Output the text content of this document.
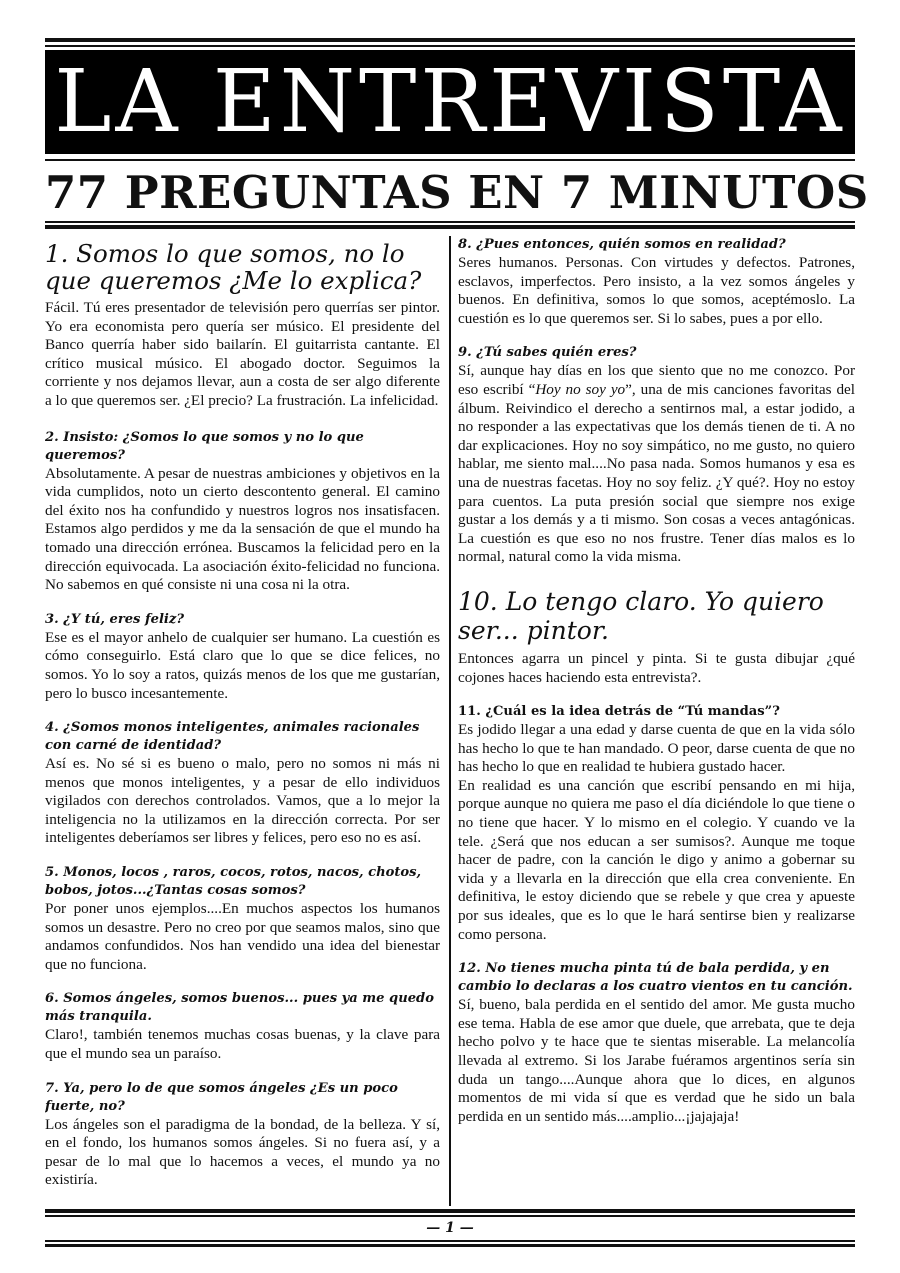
LA ENTREVISTA
77 PREGUNTAS EN 7 MINUTOS
1. Somos lo que somos, no lo que queremos ¿Me lo explica?

Fácil. Tú eres presentador de televisión pero querrías ser pintor. Yo era economista pero quería ser músico. El presidente del Banco querría haber sido bailarín. El guitarrista cantante. El crítico musical músico. El abogado doctor. Seguimos la corriente y nos dejamos llevar, aun a costa de ser algo diferente a lo que queremos ser. ¿El precio? La frustración. La infelicidad.

2. Insisto: ¿Somos lo que somos y no lo que queremos?

Absolutamente. A pesar de nuestras ambiciones y objetivos en la vida cumplidos, noto un cierto descontento general. El camino del éxito nos ha confundido y nuestros logros nos insatisfacen. Estamos algo perdidos y me da la sensación de que el mundo ha tomado una dirección errónea. Buscamos la felicidad pero en la dirección equivocada. La asociación éxito-felicidad no funciona. No sabemos en qué consiste ni una cosa ni la otra.

3. ¿Y tú, eres feliz?

Ese es el mayor anhelo de cualquier ser humano. La cuestión es cómo conseguirlo. Está claro que lo que se dice felices, no somos. Yo lo soy a ratos, quizás menos de los que me gustarían, pero lo busco incesantemente.

4. ¿Somos monos inteligentes, animales racionales con carné de identidad?

Así es. No sé si es bueno o malo, pero no somos ni más ni menos que monos inteligentes, y a pesar de ello individuos vigilados con derechos controlados. Vamos, que a lo mejor la inteligencia no la utilizamos en la dirección correcta. Por ser inteligentes deberíamos ser libres y felices, pero eso no es así.

5. Monos, locos , raros, cocos, rotos, nacos, chotos, bobos, jotos...¿Tantas cosas somos?

Por poner unos ejemplos....En muchos aspectos los humanos somos un desastre. Pero no creo por que seamos malos, sino que andamos confundidos. Nos han vendido una idea del bienestar que no funciona.

6. Somos ángeles, somos buenos... pues ya me quedo más tranquila.

Claro!, también tenemos muchas cosas buenas, y la clave para que el mundo sea un paraíso.

7. Ya, pero lo de que somos ángeles ¿Es un poco fuerte, no?

Los ángeles son el paradigma de la bondad, de la belleza. Y sí, en el fondo, los humanos somos ángeles. Si no fuera así, y a pesar de lo mal que lo hacemos a veces, el mundo ya no existiría.

8. ¿Pues entonces, quién somos en realidad?

Seres humanos. Personas. Con virtudes y defectos. Patrones, esclavos, imperfectos. Pero insisto, a la vez somos ángeles y buenos. En definitiva, somos lo que somos, aceptémoslo. La cuestión es lo que queremos ser. Si lo sabes, pues a por ello.

9. ¿Tú sabes quién eres?

Sí, aunque hay días en los que siento que no me conozco. Por eso escribí “Hoy no soy yo”, una de mis canciones favoritas del álbum. Reivindico el derecho a sentirnos mal, a estar jodido, a no responder a las expectativas que los demás tienen de ti. A no dar explicaciones. Hoy no soy simpático, no me gusto, no quiero hablar, me siento mal....No pasa nada. Somos humanos y esa es una de nuestras facetas. Hoy no soy feliz. ¿Y qué?. Hoy no estoy para cuentos. La puta presión social que siempre nos exige gustar a los demás y a ti mismo. Son cosas a veces antagónicas. La cuestión es que eso no nos frustre. Tener días malos es lo normal, natural como la vida misma.

10. Lo tengo claro. Yo quiero ser... pintor.

Entonces agarra un pincel y pinta. Si te gusta dibujar ¿qué cojones haces haciendo esta entrevista?.

11. ¿Cuál es la idea detrás de “Tú mandas”?

Es jodido llegar a una edad y darse cuenta de que en la vida sólo has hecho lo que te han mandado. O peor, darse cuenta de que no has hecho lo que en realidad te hubiera gustado hacer.

En realidad es una canción que escribí pensando en mi hija, porque aunque no quiera me paso el día diciéndole lo que tiene o no tiene que hacer. Y lo mismo en el colegio. Y cuando ve la tele. ¿Será que nos educan a ser sumisos?. Aunque me toque hacer de padre, con la canción le digo y animo a gobernar su vida y a llevarla en la dirección que ella crea conveniente. En definitiva, le estoy diciendo que se rebele y que crea y apueste por sus ideales, que es lo que le hará sentirse bien y realizarse como persona.

12. No tienes mucha pinta tú de bala perdida, y en cambio lo declaras a los cuatro vientos en tu canción.

Sí, bueno, bala perdida en el sentido del amor. Me gusta mucho ese tema. Habla de ese amor que duele, que arrebata, que te deja hecho polvo y te hace que te sientas miserable. La melancolía llevada al extremo. Si los Jarabe fuéramos argentinos sería sin duda un tango....Aunque ahora que lo dices, en algunos momentos de mi vida sí que es verdad que he sido un bala perdida en un sentido más....amplio...¡jajajaja!

— 1 —
